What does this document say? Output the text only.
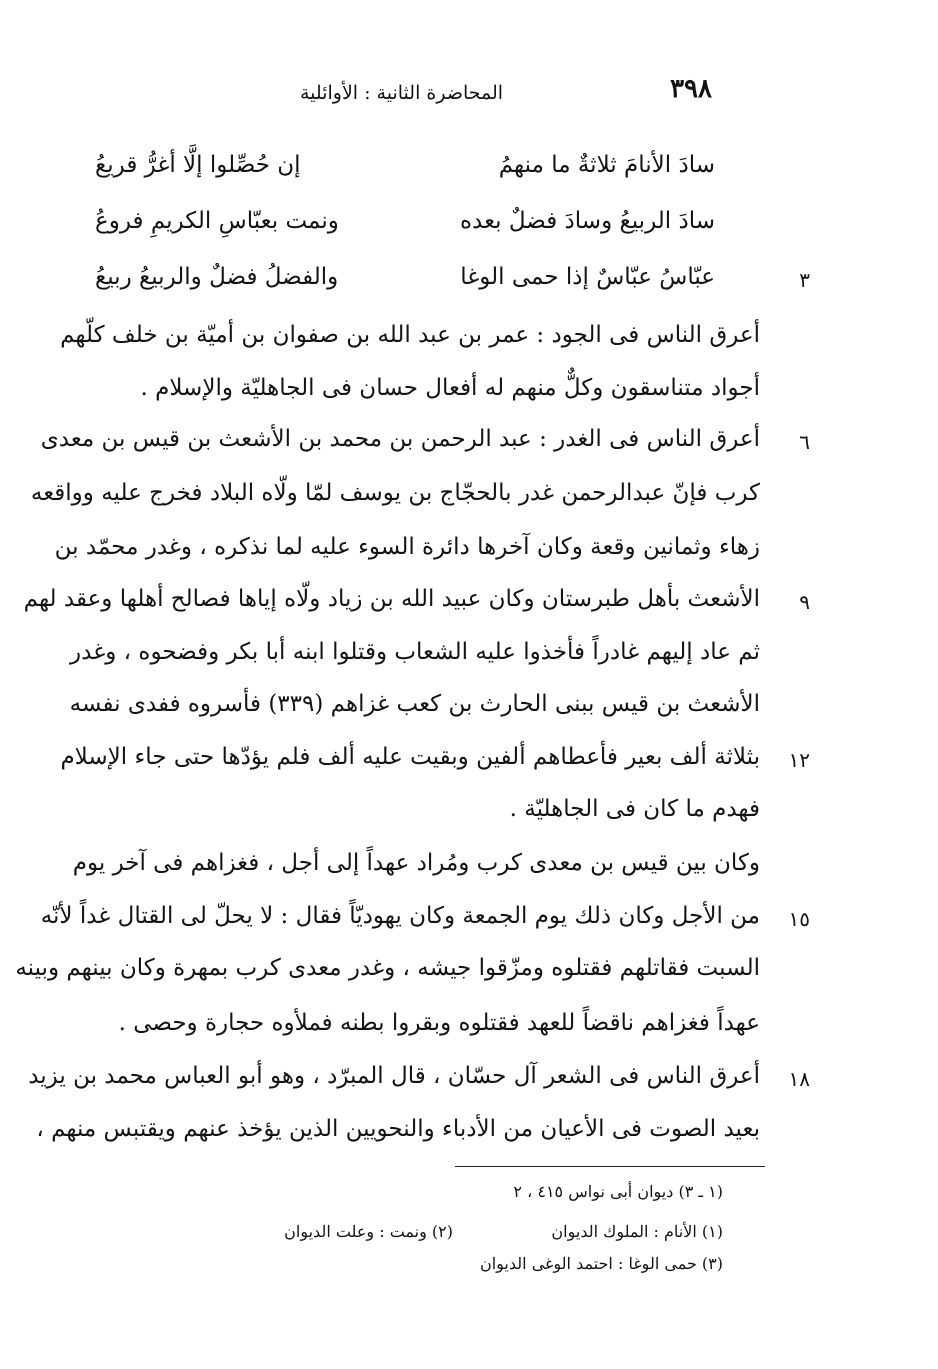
٣٩٨
المحاضرة الثانية : الأوائلية
سادَ الأنامَ ثلاثةٌ ما منهمُ
إن حُصِّلوا إلَّا أغرُّ قريعُ
سادَ الربيعُ وسادَ فضلٌ بعده
ونمت بعبّاسِ الكريمِ فروعُ
عبّاسُ عبّاسٌ إذا حمى الوغا
والفضلُ فضلٌ والربيعُ ربيعُ
أعرق الناس فى الجود : عمر بن عبد الله بن صفوان بن أميّة بن خلف كلّهم
أجواد متناسقون وكلٌّ منهم له أفعال حسان فى الجاهليّة والإسلام .
أعرق الناس فى الغدر : عبد الرحمن بن محمد بن الأشعث بن قيس بن معدى
كرب فإنّ عبدالرحمن غدر بالحجّاج بن يوسف لمّا ولّاه البلاد فخرج عليه وواقعه
زهاء وثمانين وقعة وكان آخرها دائرة السوء عليه لما نذكره ، وغدر محمّد بن
الأشعث بأهل طبرستان وكان عبيد الله بن زياد ولّاه إياها فصالح أهلها وعقد لهم
ثم عاد إليهم غادراً فأخذوا عليه الشعاب وقتلوا ابنه أبا بكر وفضحوه ، وغدر
الأشعث بن قيس ببنى الحارث بن كعب غزاهم (٣٣٩) فأسروه ففدى نفسه
بثلاثة ألف بعير فأعطاهم ألفين وبقيت عليه ألف فلم يؤدّها حتى جاء الإسلام
فهدم ما كان فى الجاهليّة .
وكان بين قيس بن معدى كرب ومُراد عهداً إلى أجل ، فغزاهم فى آخر يوم
من الأجل وكان ذلك يوم الجمعة وكان يهوديّاً فقال : لا يحلّ لى القتال غداً لأنّه
السبت فقاتلهم فقتلوه ومزّقوا جيشه ، وغدر معدى كرب بمهرة وكان بينهم وبينه
عهداً فغزاهم ناقضاً للعهد فقتلوه وبقروا بطنه فملأوه حجارة وحصى .
أعرق الناس فى الشعر آل حسّان ، قال المبرّد ، وهو أبو العباس محمد بن يزيد
بعيد الصوت فى الأعيان من الأدباء والنحويين الذين يؤخذ عنهم ويقتبس منهم ،
٣
٦
٩
١٢
١٥
١٨
(١ ـ ٣) ديوان أبى نواس ٤١٥ ، ٢
(١) الأنام : الملوك الديوان
(٢) ونمت : وعلت الديوان
(٣) حمى الوغا : احتمد الوغى الديوان
